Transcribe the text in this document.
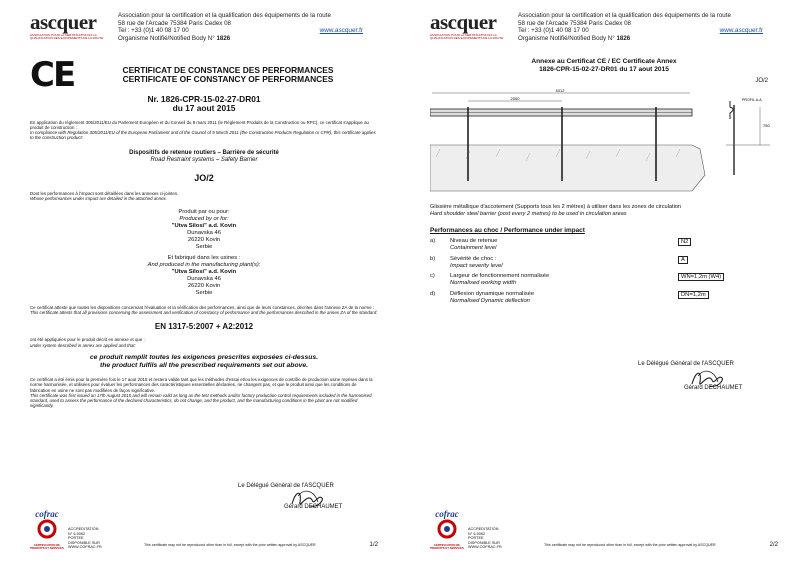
ascquer
ASSOCIATION POUR LA CERTIFICATION ET LA QUALIFICATION DES EQUIPEMENTS DE LA ROUTE
Association pour la certification et la qualification des équipements de la route
58 rue de l'Arcade 75384 Paris Cedex 08
Tel : +33 (0)1 40 08 17 00
Organisme Notifié/Notified Body N° 1826
www.ascquer.fr
CE	CERTIFICAT DE CONSTANCE DES PERFORMANCES
CERTIFICATE OF CONSTANCY OF PERFORMANCES
Nr. 1826-CPR-15-02-27-DR01
du 17 aout 2015
En application du règlement 305/2011/EU du Parlement Européen et du Conseil du 9 mars 2011 (le Règlement Produits de la Construction ou RPC), ce certificat s'applique au produit de construction :
In compliance with Regulation 305/2011/EU of the European Parliament and of the Council of 9 March 2011 (the Construction Products Regulation or CPR), this certificate applies to the construction product:
Dispositifs de retenue routiers – Barrière de sécurité
Road Restraint systems – Safety Barrier
JO/2
Dont les performances à l'impact sont détaillées dans les annexes ci-jointes.
Whose performances under impact are detailed in the attached annex.
Produit par ou pour:
Produced by or for:
"Utva Silosi" a.d. Kovin
Dunavska 46
26220 Kovin
Serbie
Et fabriqué dans les usines :
And produced in the manufacturing plant(s):
"Utva Silosi" a.d. Kovin
Dunavska 46
26220 Kovin
Serbie
Ce certificat atteste que toutes les dispositions concernant l'évaluation et la vérification des performances, ainsi que de leurs constances, décrites dans l'annexe ZA de la norme :
This certificate attests that all provisions concerning the assessment and verification of constancy of performance and the performances described in the annex ZA of the standard:
EN 1317-5:2007 + A2:2012
ont été appliquées pour le produit décrit en annexe et que :
under system described in annex are applied and that:
ce produit remplit toutes les exigences prescrites exposées ci-dessus.
the product fulfils all the prescribed requirements set out above.
Ce certificat a été émis pour la première fois le 17 aout 2015 et restera valide tant que les méthodes d'essai et/ou les exigences de contrôle de production usine reprises dans la norme harmonisée, et utilisées pour évaluer les performances des caractéristiques essentielles déclarées, ne changent pas, et que le produit ainsi que les conditions de fabrication en usine ne sont pas modifiées de façon significative.
This certificate was first issued on 17th August 2015 and will remain valid as long as the test methods and/or factory production control requirements included in the harmonised standard, used to assess the performance of the declared characteristics, do not change, and the product, and the manufacturing conditions in the plant are not modified significantly.
Le Délégué Général de l'ASCQUER
Gérard DECHAUMET
cofrac
CERTIFICATION DE PRODUITS ET SERVICES
ACCREDITATION
N° 5-0062
PORTEE
DISPONIBLE SUR
WWW.COFRAC.FR
This certificate may not be reproduced other than in full, except with the prior written approval by ASCQUER	1/2
ascquer
ASSOCIATION POUR LA CERTIFICATION ET LA QUALIFICATION DES EQUIPEMENTS DE LA ROUTE
Association pour la certification et la qualification des équipements de la route
58 rue de l'Arcade 75384 Paris Cedex 08
Tel : +33 (0)1 40 08 17 00
Organisme Notifié/Notified Body N° 1826
www.ascquer.fr
Annexe au Certificat CE / EC Certificate Annex
1826-CPR-15-02-27-DR01 du 17 aout 2015
JO/2
4012
2000
750
PROFIL A-A
Glissière métallique d'accotement (Supports tous les 2 mètres) à utiliser dans les zones de circulation
Hard shoulder steel barrier (post every 2 metres) to be used in circulation areas
Performances au choc / Performance under impact
a)	Niveau de retenue
Containment level
N2
b)	Sévérité de choc :
Impact severity level
A
c)	Largeur de fonctionnement normalisée
Normalised working width
WN=1,2m (W4)
d)	Déflexion dynamique normalisée
Normalised Dynamic deflection
DN=1,2m
Le Délégué Général de l'ASCQUER
Gérard DECHAUMET
cofrac
CERTIFICATION DE PRODUITS ET SERVICES
ACCREDITATION
N° 5-0062
PORTEE
DISPONIBLE SUR
WWW.COFRAC.FR
This certificate may not be reproduced other than in full, except with the prior written approval by ASCQUER	2/2
